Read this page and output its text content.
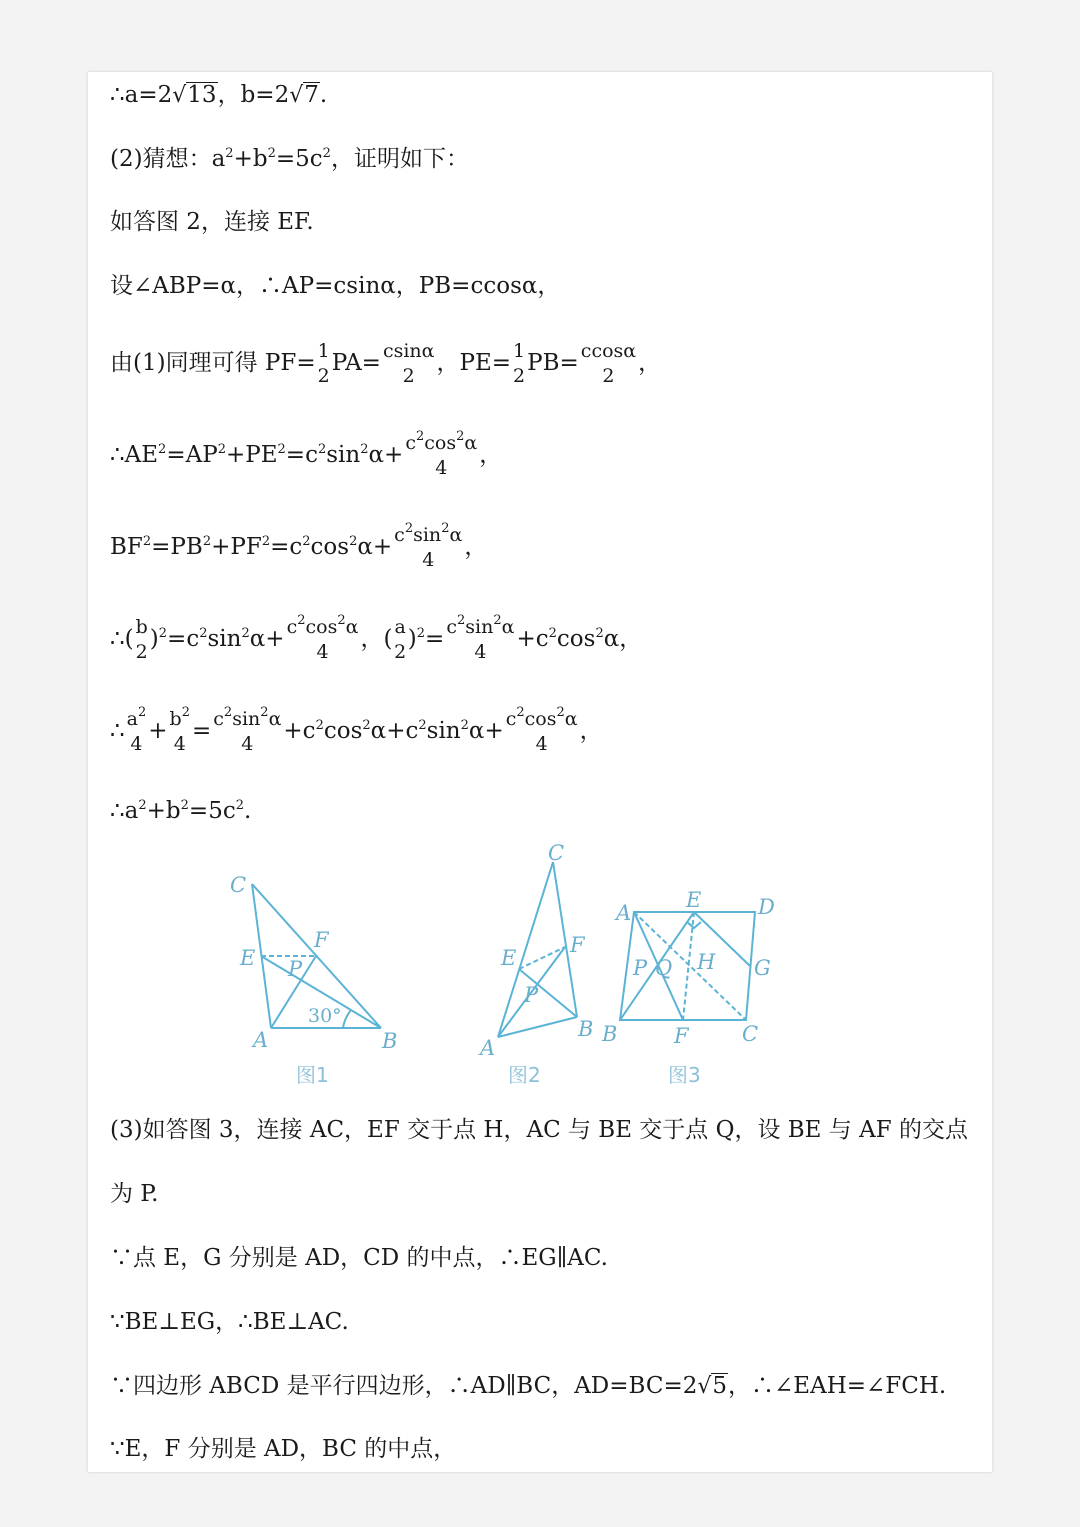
∴a=2√13，b=2√7.
(2)猜想：$a^2+b^2=5c^2$，证明如下：
如答图 2，连接 EF.
设∠ABP=α，∴AP=csinα，PB=ccosα，
由(1)同理可得 PF= 1
2 PA= csinα
2 ，PE= 1
2 PB= ccosα
2	，
$\therefore AE^2=AP^2+PE^2=c^2\sin^2\alpha+ c^2\cos^2\alpha$
4	，
$BF^2=PB^2+PF^2=c^2\cos^2\alpha+ c^2\sin^2\alpha$
4	，
∴( b
2 )$^2=c^2\sin^2\alpha+ c^2\cos^2\alpha$
4	，( a
2 )$^2= c^2\sin^2\alpha$
4	$+c^2\cos^2\alpha$，
∴ $a^2$
$4 + b^2$
$4 = c^2\sin^2\alpha$
4	$+c^2\cos^2\alpha+c^2\sin^2\alpha+ c^2\cos^2\alpha$
4	，
$\therefore a^2+b^2=5c^2$.
C
E
F
P
A	B
30°
C
E
F
P
A
B
A
E	D
P Q H G
B	F	C
图1	图2	图3
(3)如答图 3，连接 AC，EF 交于点 H，AC 与 BE 交于点 Q，设 BE 与 AF 的交点
为 P.
∵点 E，G 分别是 AD，CD 的中点，∴EG∥AC.
∵BE⊥EG，∴BE⊥AC.
∵四边形 ABCD 是平行四边形，∴AD∥BC，AD=BC=2√5，∴∠EAH=∠FCH.
∵E，F 分别是 AD，BC 的中点，
